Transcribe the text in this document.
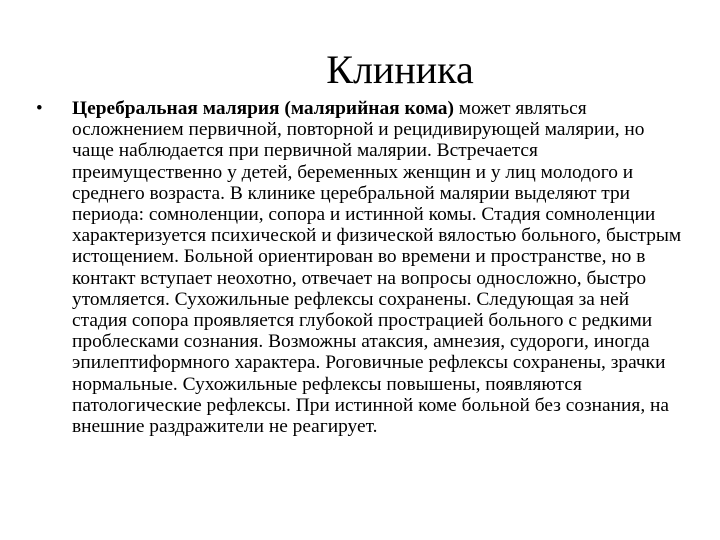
Клиника
• Церебральная малярия (малярийная кома) может являться осложнением первичной, повторной и рецидивирующей малярии, но чаще наблюдается при первичной малярии. Встречается преимущественно у детей, беременных женщин и у лиц молодого и среднего возраста. В клинике церебральной малярии выделяют три периода: сомноленции, сопора и истинной комы. Стадия сомноленции характеризуется психической и физической вялостью больного, быстрым истощением. Больной ориентирован во времени и пространстве, но в контакт вступает неохотно, отвечает на вопросы односложно, быстро утомляется. Сухожильные рефлексы сохранены. Следующая за ней стадия сопора проявляется глубокой прострацией больного с редкими проблесками сознания. Возможны атаксия, амнезия, судороги, иногда эпилептиформного характера. Роговичные рефлексы сохранены, зрачки нормальные. Сухожильные рефлексы повышены, появляются патологические рефлексы. При истинной коме больной без сознания, на внешние раздражители не реагирует.
